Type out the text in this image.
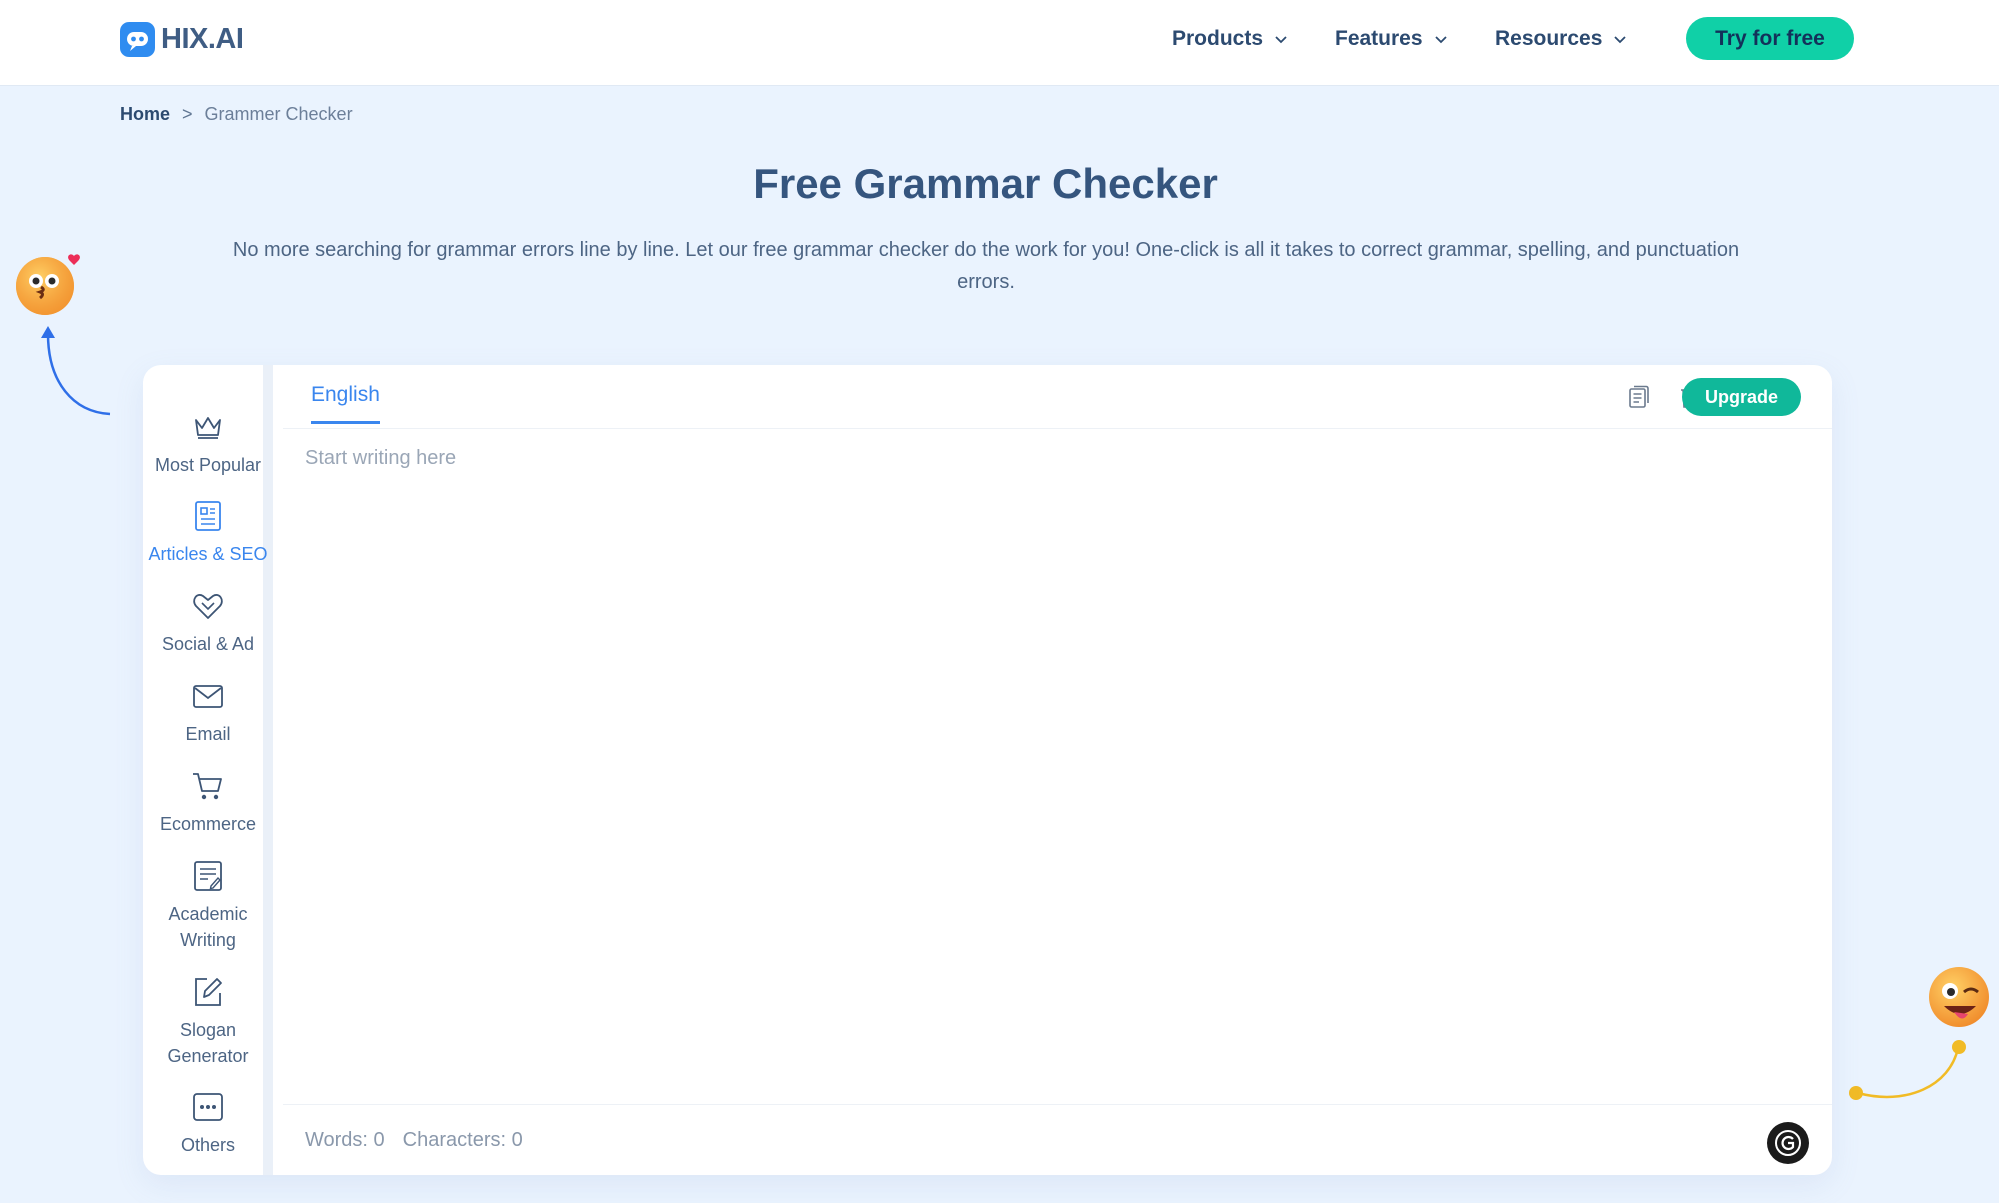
HIX.AI	Products	Features	Resources	Try for free
Home > Grammer Checker
Free Grammar Checker

No more searching for grammar errors line by line. Let our free grammar checker do the work for you! One-click is all it takes to correct grammar, spelling, and punctuation errors.

Most Popular
Articles & SEO
Social & Ad
Email
Ecommerce
Academic Writing
Slogan Generator
Others
English	Upgrade
Start writing here
Words: 0 Characters: 0
